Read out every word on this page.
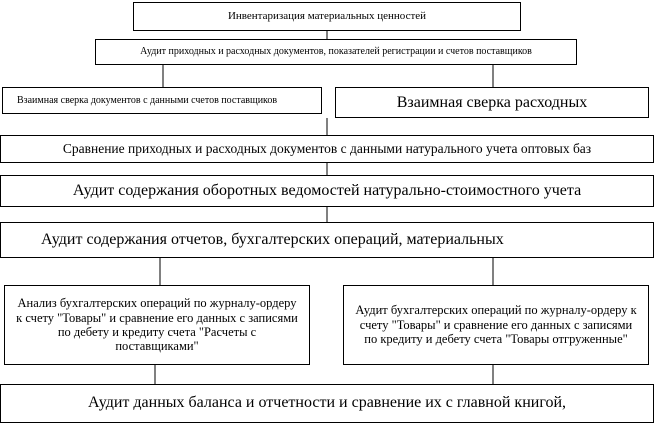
Инвентаризация материальных ценностей
Аудит приходных и расходных документов, показателей регистрации и счетов поставщиков
Взаимная сверка документов с данными счетов поставщиков	Взаимная сверка расходных
Сравнение приходных и расходных документов с данными натурального учета оптовых баз
Аудит содержания оборотных ведомостей натурально-стоимостного учета
Аудит содержания отчетов, бухгалтерских операций, материальных
Анализ бухгалтерских операций по журналу-ордеру к счету "Товары" и сравнение его данных с записями по дебету и кредиту счета "Расчеты с поставщиками"
Аудит бухгалтерских операций по журналу-ордеру к счету "Товары" и сравнение его данных с записями по кредиту и дебету счета "Товары отгруженные"
Аудит данных баланса и отчетности и сравнение их с главной книгой,
